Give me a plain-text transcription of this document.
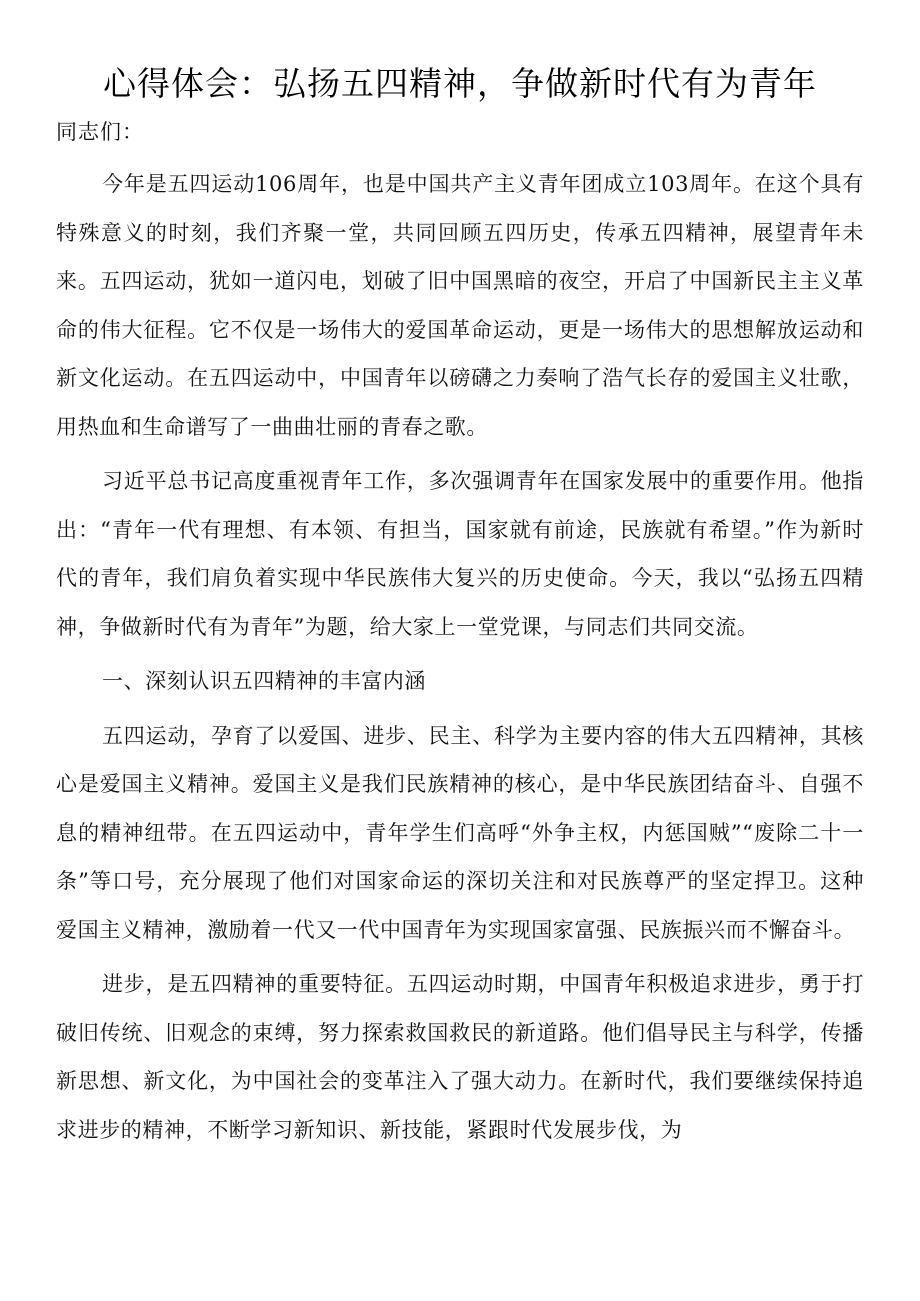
心得体会：弘扬五四精神，争做新时代有为青年

同志们：

今年是五四运动106周年，也是中国共产主义青年团成立103周年。在这个具有特殊意义的时刻，我们齐聚一堂，共同回顾五四历史，传承五四精神，展望青年未来。五四运动，犹如一道闪电，划破了旧中国黑暗的夜空，开启了中国新民主主义革命的伟大征程。它不仅是一场伟大的爱国革命运动，更是一场伟大的思想解放运动和新文化运动。在五四运动中，中国青年以磅礴之力奏响了浩气长存的爱国主义壮歌，用热血和生命谱写了一曲曲壮丽的青春之歌。

习近平总书记高度重视青年工作，多次强调青年在国家发展中的重要作用。他指出：“青年一代有理想、有本领、有担当，国家就有前途，民族就有希望。”作为新时代的青年，我们肩负着实现中华民族伟大复兴的历史使命。今天，我以“弘扬五四精神，争做新时代有为青年”为题，给大家上一堂党课，与同志们共同交流。

一、深刻认识五四精神的丰富内涵

五四运动，孕育了以爱国、进步、民主、科学为主要内容的伟大五四精神，其核心是爱国主义精神。爱国主义是我们民族精神的核心，是中华民族团结奋斗、自强不息的精神纽带。在五四运动中，青年学生们高呼“外争主权，内惩国贼”“废除二十一条”等口号，充分展现了他们对国家命运的深切关注和对民族尊严的坚定捍卫。这种爱国主义精神，激励着一代又一代中国青年为实现国家富强、民族振兴而不懈奋斗。

进步，是五四精神的重要特征。五四运动时期，中国青年积极追求进步，勇于打破旧传统、旧观念的束缚，努力探索救国救民的新道路。他们倡导民主与科学，传播新思想、新文化，为中国社会的变革注入了强大动力。在新时代，我们要继续保持追求进步的精神，不断学习新知识、新技能，紧跟时代发展步伐，为
